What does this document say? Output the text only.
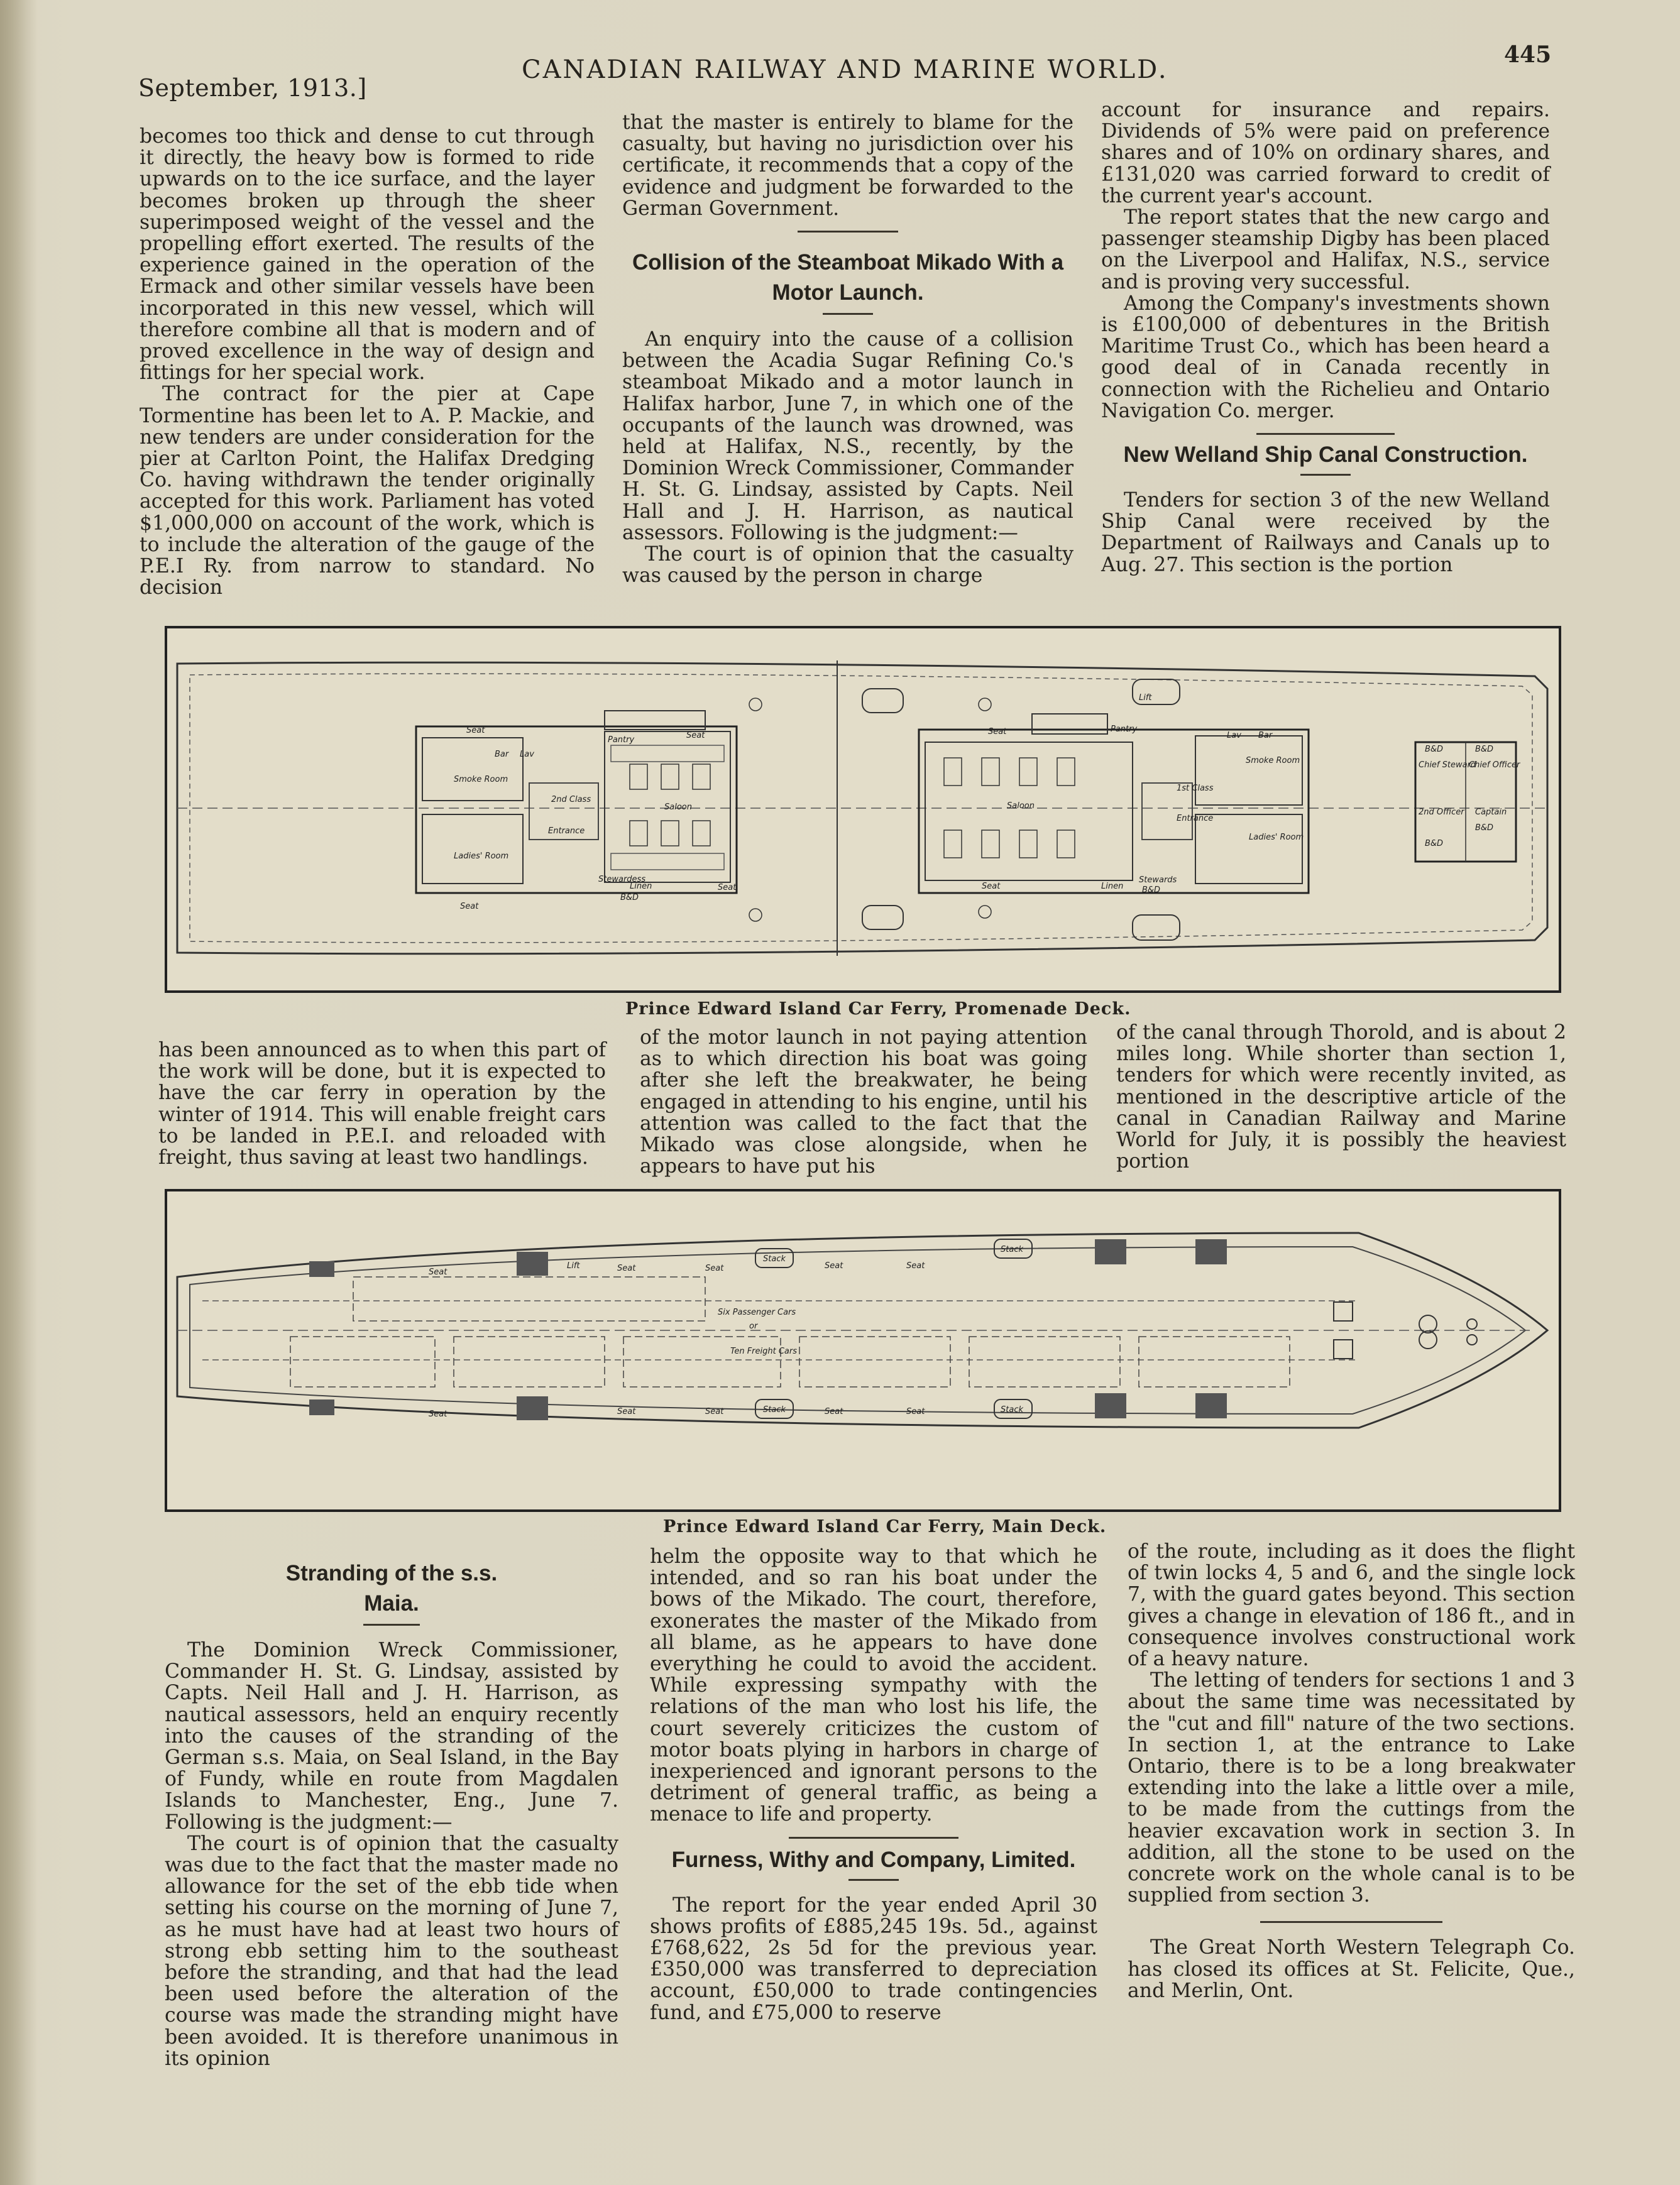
September, 1913.]
CANADIAN RAILWAY AND MARINE WORLD.
445

becomes too thick and dense to cut through it directly, the heavy bow is formed to ride upwards on to the ice surface, and the layer becomes broken up through the sheer superimposed weight of the vessel and the propelling effort exerted. The results of the experience gained in the operation of the Ermack and other similar vessels have been incorporated in this new vessel, which will therefore combine all that is modern and of proved excellence in the way of design and fittings for her special work.

The contract for the pier at Cape Tormentine has been let to A. P. Mackie, and new tenders are under consideration for the pier at Carlton Point, the Halifax Dredging Co. having withdrawn the tender originally accepted for this work. Parliament has voted $1,000,000 on account of the work, which is to include the alteration of the gauge of the P.E.I Ry. from narrow to standard. No decision

that the master is entirely to blame for the casualty, but having no jurisdiction over his certificate, it recommends that a copy of the evidence and judgment be forwarded to the German Government.

Collision of the Steamboat Mikado With a Motor Launch.

An enquiry into the cause of a collision between the Acadia Sugar Refining Co.'s steamboat Mikado and a motor launch in Halifax harbor, June 7, in which one of the occupants of the launch was drowned, was held at Halifax, N.S., recently, by the Dominion Wreck Commissioner, Commander H. St. G. Lindsay, assisted by Capts. Neil Hall and J. H. Harrison, as nautical assessors. Following is the judgment:—

The court is of opinion that the casualty was caused by the person in charge

account for insurance and repairs. Dividends of 5% were paid on preference shares and of 10% on ordinary shares, and £131,020 was carried forward to credit of the current year's account.

The report states that the new cargo and passenger steamship Digby has been placed on the Liverpool and Halifax, N.S., service and is proving very successful.

Among the Company's investments shown is £100,000 of debentures in the British Maritime Trust Co., which has been heard a good deal of in Canada recently in connection with the Richelieu and Ontario Navigation Co. merger.

New Welland Ship Canal Construction.

Tenders for section 3 of the new Welland Ship Canal were received by the Department of Railways and Canals up to Aug. 27. This section is the portion

Seat
Pantry	Seat
Bar Lav
Smoke Room
2nd Class
Entrance
Saloon
Ladies' Room
Stewardess
Linen
B&D
Seat
Seat
Seat	Pantry
Lift
Saloon
1st Class
Entrance
Lav Bar
Smoke Room
Ladies' Room
Seat
Stewards
Linen B&D
B&D	B&D
Chief Steward
Chief Officer
2nd Officer Captain
B&D
B&D
Prince Edward Island Car Ferry, Promenade Deck.

has been announced as to when this part of the work will be done, but it is expected to have the car ferry in operation by the winter of 1914. This will enable freight cars to be landed in P.E.I. and reloaded with freight, thus saving at least two handlings.

of the motor launch in not paying attention as to which direction his boat was going after she left the breakwater, he being engaged in attending to his engine, until his attention was called to the fact that the Mikado was close alongside, when he appears to have put his

of the canal through Thorold, and is about 2 miles long. While shorter than section 1, tenders for which were recently invited, as mentioned in the descriptive article of the canal in Canadian Railway and Marine World for July, it is possibly the heaviest portion

Seat
Lift	Seat	Seat
Stack
Seat	Seat
Stack
Six Passenger Cars
or
Ten Freight Cars
Seat	Seat	Seat	Stack	Seat	Seat	Stack
Prince Edward Island Car Ferry, Main Deck.
Stranding of the s.s. Maia.

The Dominion Wreck Commissioner, Commander H. St. G. Lindsay, assisted by Capts. Neil Hall and J. H. Harrison, as nautical assessors, held an enquiry recently into the causes of the stranding of the German s.s. Maia, on Seal Island, in the Bay of Fundy, while en route from Magdalen Islands to Manchester, Eng., June 7. Following is the judgment:—

The court is of opinion that the casualty was due to the fact that the master made no allowance for the set of the ebb tide when setting his course on the morning of June 7, as he must have had at least two hours of strong ebb setting him to the southeast before the stranding, and that had the lead been used before the alteration of the course was made the stranding might have been avoided. It is therefore unanimous in its opinion

helm the opposite way to that which he intended, and so ran his boat under the bows of the Mikado. The court, therefore, exonerates the master of the Mikado from all blame, as he appears to have done everything he could to avoid the accident. While expressing sympathy with the relations of the man who lost his life, the court severely criticizes the custom of motor boats plying in harbors in charge of inexperienced and ignorant persons to the detriment of general traffic, as being a menace to life and property.

Furness, Withy and Company, Limited.

The report for the year ended April 30 shows profits of £885,245 19s. 5d., against £768,622, 2s 5d for the previous year. £350,000 was transferred to depreciation account, £50,000 to trade contingencies fund, and £75,000 to reserve

of the route, including as it does the flight of twin locks 4, 5 and 6, and the single lock 7, with the guard gates beyond. This section gives a change in elevation of 186 ft., and in consequence involves constructional work of a heavy nature.

The letting of tenders for sections 1 and 3 about the same time was necessitated by the "cut and fill" nature of the two sections. In section 1, at the entrance to Lake Ontario, there is to be a long breakwater extending into the lake a little over a mile, to be made from the cuttings from the heavier excavation work in section 3. In addition, all the stone to be used on the concrete work on the whole canal is to be supplied from section 3.

The Great North Western Telegraph Co. has closed its offices at St. Felicite, Que., and Merlin, Ont.
